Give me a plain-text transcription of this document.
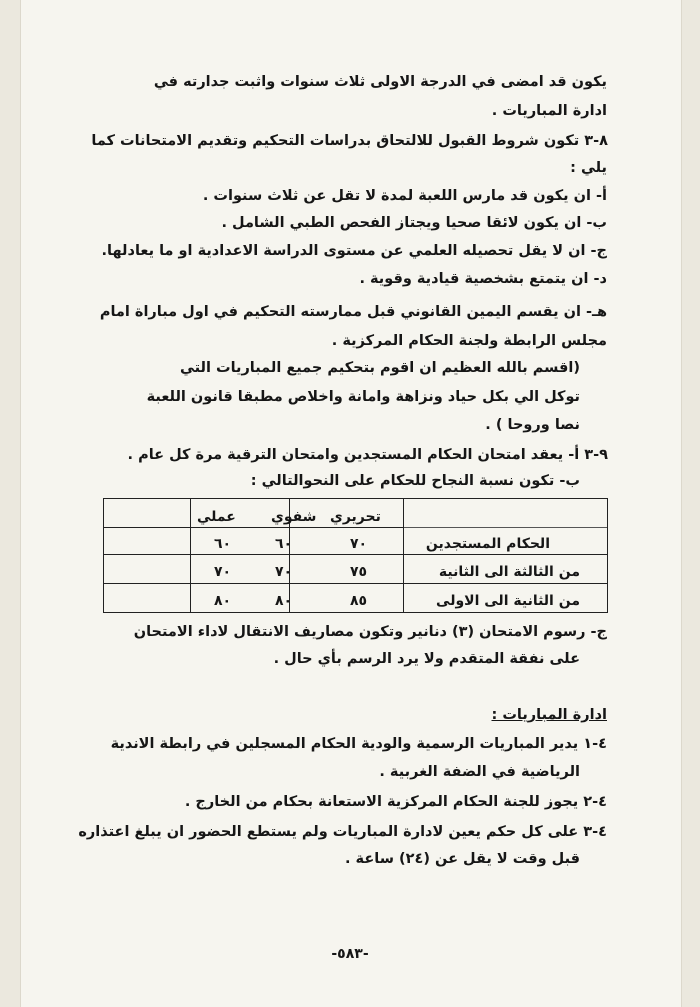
يكون قد امضى في الدرجة الاولى ثلاث سنوات واثبت جدارته في
ادارة المباريات .
٨-٣ تكون شروط القبول للالتحاق بدراسات التحكيم وتقديم الامتحانات كما
يلي :
أ- ان يكون قد مارس اللعبة لمدة لا تقل عن ثلاث سنوات .
ب- ان يكون لائقا صحيا ويجتاز الفحص الطبي الشامل .
ج- ان لا يقل تحصيله العلمي عن مستوى الدراسة الاعدادية او ما يعادلها.
د- ان يتمتع بشخصية قيادية وقوية .
هـ- ان يقسم اليمين القانوني قبل ممارسته التحكيم في اول مباراة امام
مجلس الرابطة ولجنة الحكام المركزية .
(اقسم بالله العظيم ان اقوم بتحكيم جميع المباريات التي
توكل الي بكل حياد ونزاهة وامانة واخلاص مطبقا قانون اللعبة
نصا وروحا ) .
٩-٣ أ- يعقد امتحان الحكام المستجدين وامتحان الترقية مرة كل عام .
ب- تكون نسبة النجاح للحكام على النحوالتالي :
تحريري
شفوي
عملي
الحكام المستجدين
من الثالثة الى الثانية
من الثانية الى الاولى
٧٠
٦٠
٦٠
٧٥
٧٠
٧٠
٨٥
٨٠
٨٠
ج- رسوم الامتحان (٣) دنانير وتكون مصاريف الانتقال لاداء الامتحان
على نفقة المتقدم ولا يرد الرسم بأي حال .
ادارة المباريات :
٤-١ يدير المباريات الرسمية والودية الحكام المسجلين في رابطة الاندية
الرياضية في الضفة الغربية .
٤-٢ يجوز للجنة الحكام المركزية الاستعانة بحكام من الخارج .
٤-٣ على كل حكم يعين لادارة المباريات ولم يستطع الحضور ان يبلغ اعتذاره
قبل وقت لا يقل عن (٢٤) ساعة .
-٥٨٣-
